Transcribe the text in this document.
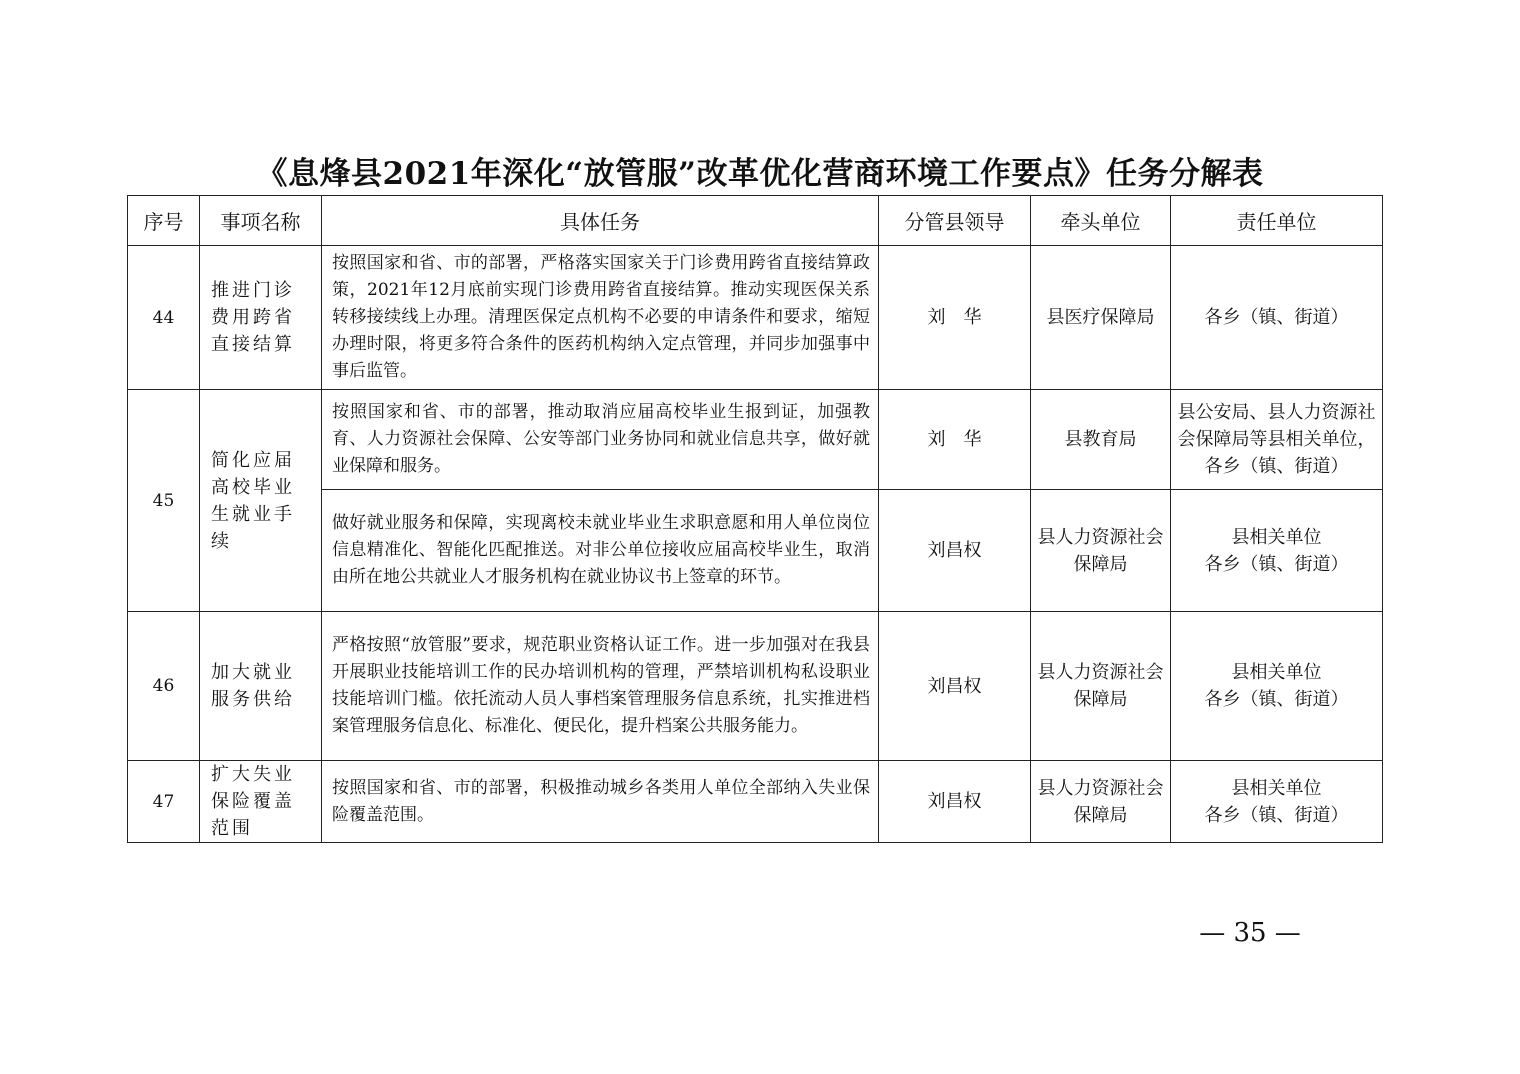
《息烽县2021年深化“放管服”改革优化营商环境工作要点》任务分解表
序号	事项名称	具体任务	分管县领导	牵头单位	责任单位
44	推进门诊费用跨省直接结算	按照国家和省、市的部署，严格落实国家关于门诊费用跨省直接结算政策，2021年12月底前实现门诊费用跨省直接结算。推动实现医保关系转移接续线上办理。清理医保定点机构不必要的申请条件和要求，缩短办理时限，将更多符合条件的医药机构纳入定点管理，并同步加强事中事后监管。	刘　华	县医疗保障局	各乡（镇、街道）
45	简化应届高校毕业生就业手续	按照国家和省、市的部署，推动取消应届高校毕业生报到证，加强教育、人力资源社会保障、公安等部门业务协同和就业信息共享，做好就业保障和服务。	刘　华	县教育局	县公安局、县人力资源社会保障局等县相关单位，各乡（镇、街道）
		做好就业服务和保障，实现离校未就业毕业生求职意愿和用人单位岗位信息精准化、智能化匹配推送。对非公单位接收应届高校毕业生，取消由所在地公共就业人才服务机构在就业协议书上签章的环节。	刘昌权	县人力资源社会保障局	县相关单位
各乡（镇、街道）
46	加大就业服务供给	严格按照“放管服”要求，规范职业资格认证工作。进一步加强对在我县开展职业技能培训工作的民办培训机构的管理，严禁培训机构私设职业技能培训门槛。依托流动人员人事档案管理服务信息系统，扎实推进档案管理服务信息化、标准化、便民化，提升档案公共服务能力。	刘昌权	县人力资源社会保障局	县相关单位
各乡（镇、街道）
47	扩大失业保险覆盖范围	按照国家和省、市的部署，积极推动城乡各类用人单位全部纳入失业保险覆盖范围。	刘昌权	县人力资源社会保障局	县相关单位
各乡（镇、街道）
— 35 —
